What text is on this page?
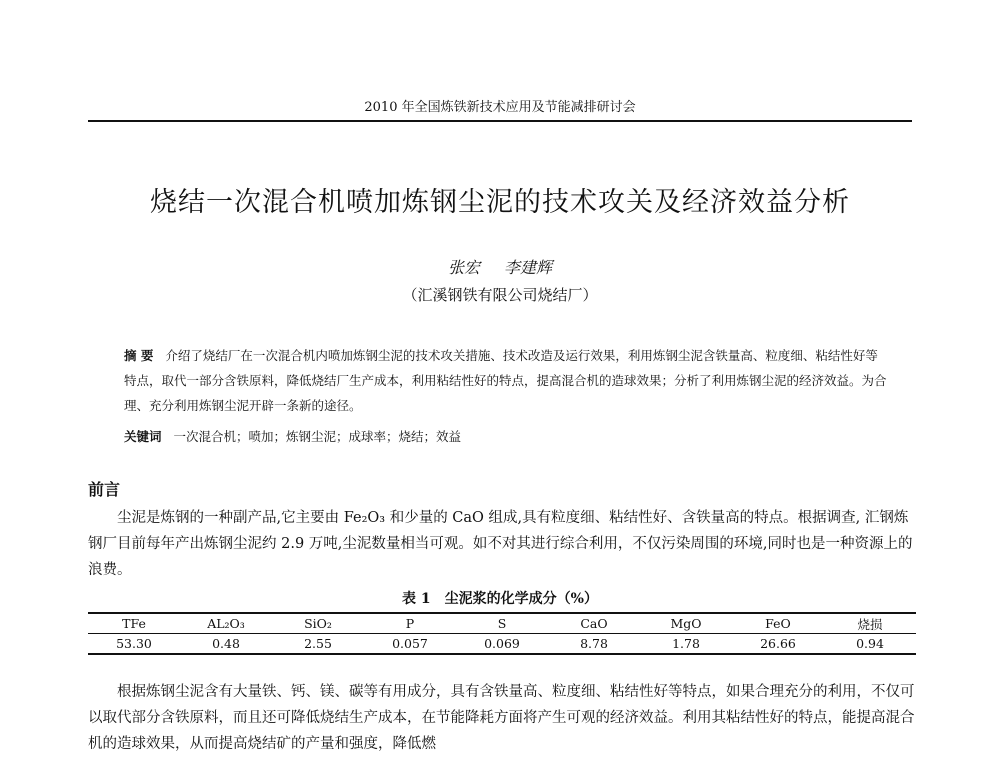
2010 年全国炼铁新技术应用及节能减排研讨会
烧结一次混合机喷加炼钢尘泥的技术攻关及经济效益分析
张宏 李建辉
（汇溪钢铁有限公司烧结厂）
摘 要 介绍了烧结厂在一次混合机内喷加炼钢尘泥的技术攻关措施、技术改造及运行效果，利用炼钢尘泥含铁量高、粒度细、粘结性好等特点，取代一部分含铁原料，降低烧结厂生产成本，利用粘结性好的特点，提高混合机的造球效果；分析了利用炼钢尘泥的经济效益。为合理、充分利用炼钢尘泥开辟一条新的途径。
关键词 一次混合机；喷加；炼钢尘泥；成球率；烧结；效益
前言
尘泥是炼钢的一种副产品,它主要由 Fe₂O₃ 和少量的 CaO 组成,具有粒度细、粘结性好、含铁量高的特点。根据调查, 汇钢炼钢厂目前每年产出炼钢尘泥约 2.9 万吨,尘泥数量相当可观。如不对其进行综合利用，不仅污染周围的环境,同时也是一种资源上的浪费。
表 1　尘泥浆的化学成分（%）
TFe	AL₂O₃	SiO₂	P	S	CaO	MgO	FeO	烧损
53.30	0.48	2.55	0.057	0.069	8.78	1.78	26.66	0.94
根据炼钢尘泥含有大量铁、钙、镁、碳等有用成分，具有含铁量高、粒度细、粘结性好等特点，如果合理充分的利用，不仅可以取代部分含铁原料，而且还可降低烧结生产成本，在节能降耗方面将产生可观的经济效益。利用其粘结性好的特点，能提高混合机的造球效果，从而提高烧结矿的产量和强度，降低燃
